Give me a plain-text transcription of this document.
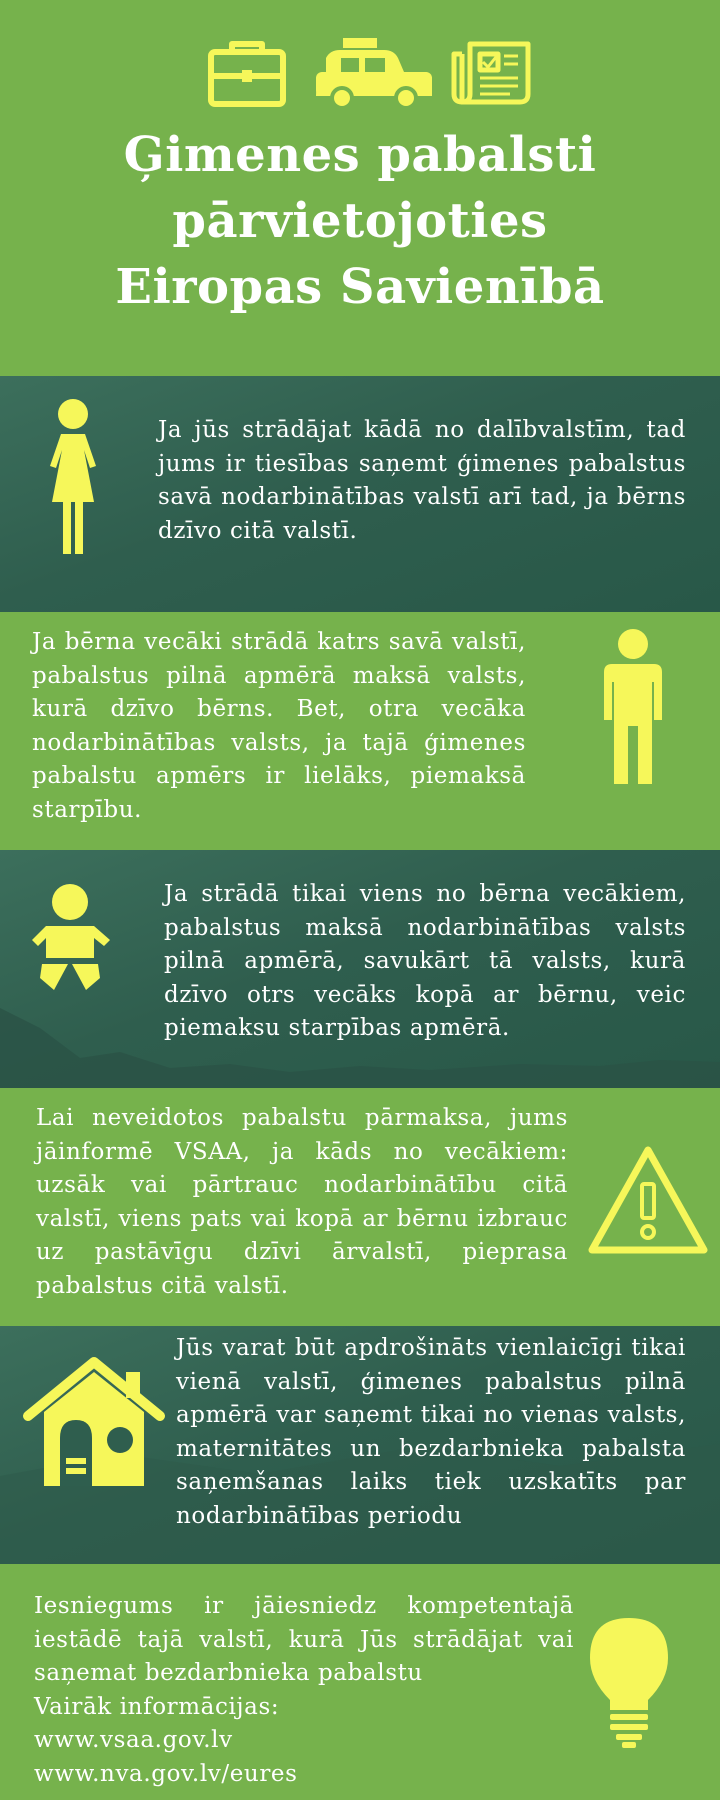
Ģimenes pabalsti
pārvietojoties
Eiropas Savienībā
Ja jūs strādājat kādā no dalībvalstīm, tad jums ir tiesības saņemt ģimenes pabalstus savā nodarbinātības valstī arī tad, ja bērns dzīvo citā valstī.
Ja bērna vecāki strādā katrs savā valstī, pabalstus pilnā apmērā maksā valsts, kurā dzīvo bērns. Bet, otra vecāka nodarbinātības valsts, ja tajā ģimenes pabalstu apmērs ir lielāks, piemaksā starpību.
Ja strādā tikai viens no bērna vecākiem, pabalstus maksā nodarbinātības valsts pilnā apmērā, savukārt tā valsts, kurā dzīvo otrs vecāks kopā ar bērnu, veic piemaksu starpības apmērā.
Lai neveidotos pabalstu pārmaksa, jums jāinformē VSAA, ja kāds no vecākiem: uzsāk vai pārtrauc nodarbinātību citā valstī, viens pats vai kopā ar bērnu izbrauc uz pastāvīgu dzīvi ārvalstī, pieprasa pabalstus citā valstī.
Jūs varat būt apdrošināts vienlaicīgi tikai vienā valstī, ģimenes pabalstus pilnā apmērā var saņemt tikai no vienas valsts, maternitātes un bezdarbnieka pabalsta saņemšanas laiks tiek uzskatīts par nodarbinātības periodu
Iesniegums ir jāiesniedz kompetentajā iestādē tajā valstī, kurā Jūs strādājat vai saņemat bezdarbnieka pabalstu
Vairāk informācijas:
www.vsaa.gov.lv
www.nva.gov.lv/eures
